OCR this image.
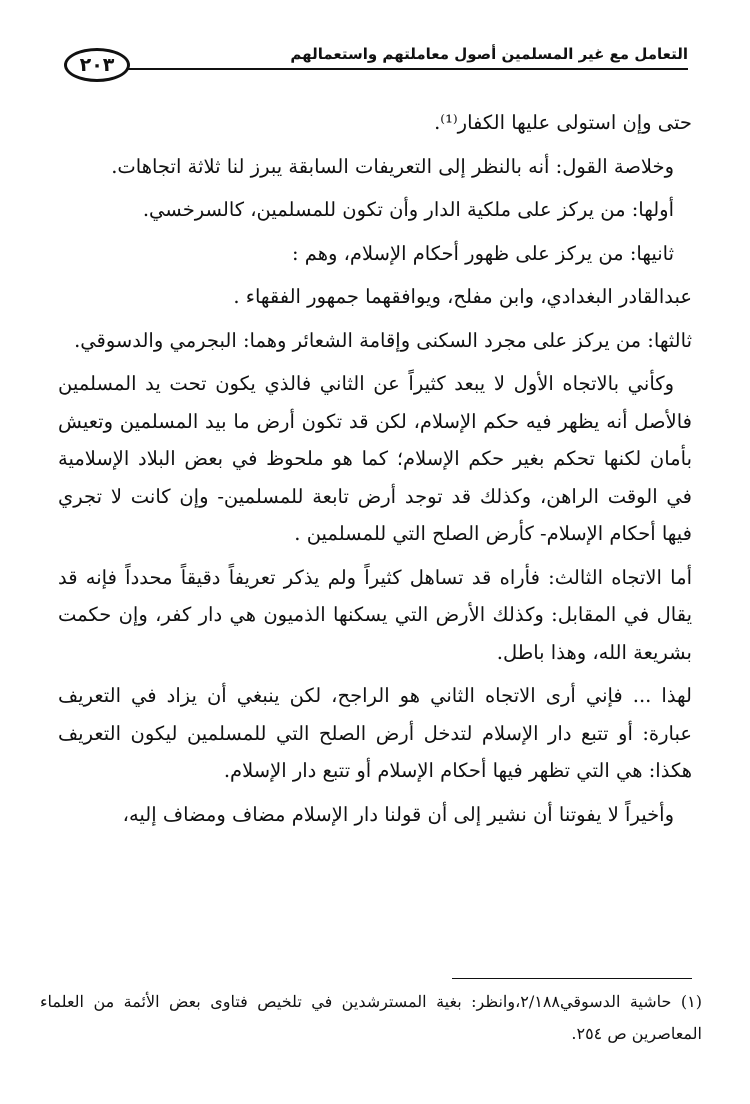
التعامل مع غير المسلمين أصول معاملتهم واستعمالهم
٢٠٣

حتى وإن استولى عليها الكفار⁽¹⁾.

وخلاصة القول: أنه بالنظر إلى التعريفات السابقة يبرز لنا ثلاثة اتجاهات.

أولها: من يركز على ملكية الدار وأن تكون للمسلمين، كالسرخسي.

ثانيها: من يركز على ظهور أحكام الإسلام، وهم :

عبدالقادر البغدادي، وابن مفلح، ويوافقهما جمهور الفقهاء .

ثالثها: من يركز على مجرد السكنى وإقامة الشعائر وهما: البجرمي والدسوقي.

وكأني بالاتجاه الأول لا يبعد كثيراً عن الثاني فالذي يكون تحت يد المسلمين فالأصل أنه يظهر فيه حكم الإسلام، لكن قد تكون أرض ما بيد المسلمين وتعيش بأمان لكنها تحكم بغير حكم الإسلام؛ كما هو ملحوظ في بعض البلاد الإسلامية في الوقت الراهن، وكذلك قد توجد أرض تابعة للمسلمين- وإن كانت لا تجري فيها أحكام الإسلام- كأرض الصلح التي للمسلمين .

أما الاتجاه الثالث: فأراه قد تساهل كثيراً ولم يذكر تعريفاً دقيقاً محدداً فإنه قد يقال في المقابل: وكذلك الأرض التي يسكنها الذميون هي دار كفر، وإن حكمت بشريعة الله، وهذا باطل.

لهذا ... فإني أرى الاتجاه الثاني هو الراجح، لكن ينبغي أن يزاد في التعريف عبارة: أو تتبع دار الإسلام لتدخل أرض الصلح التي للمسلمين ليكون التعريف هكذا: هي التي تظهر فيها أحكام الإسلام أو تتبع دار الإسلام.

وأخيراً لا يفوتنا أن نشير إلى أن قولنا دار الإسلام مضاف ومضاف إليه،

(١) حاشية الدسوقي٢/١٨٨،وانظر: بغية المسترشدين في تلخيص فتاوى بعض الأئمة من العلماء المعاصرين ص ٢٥٤.
